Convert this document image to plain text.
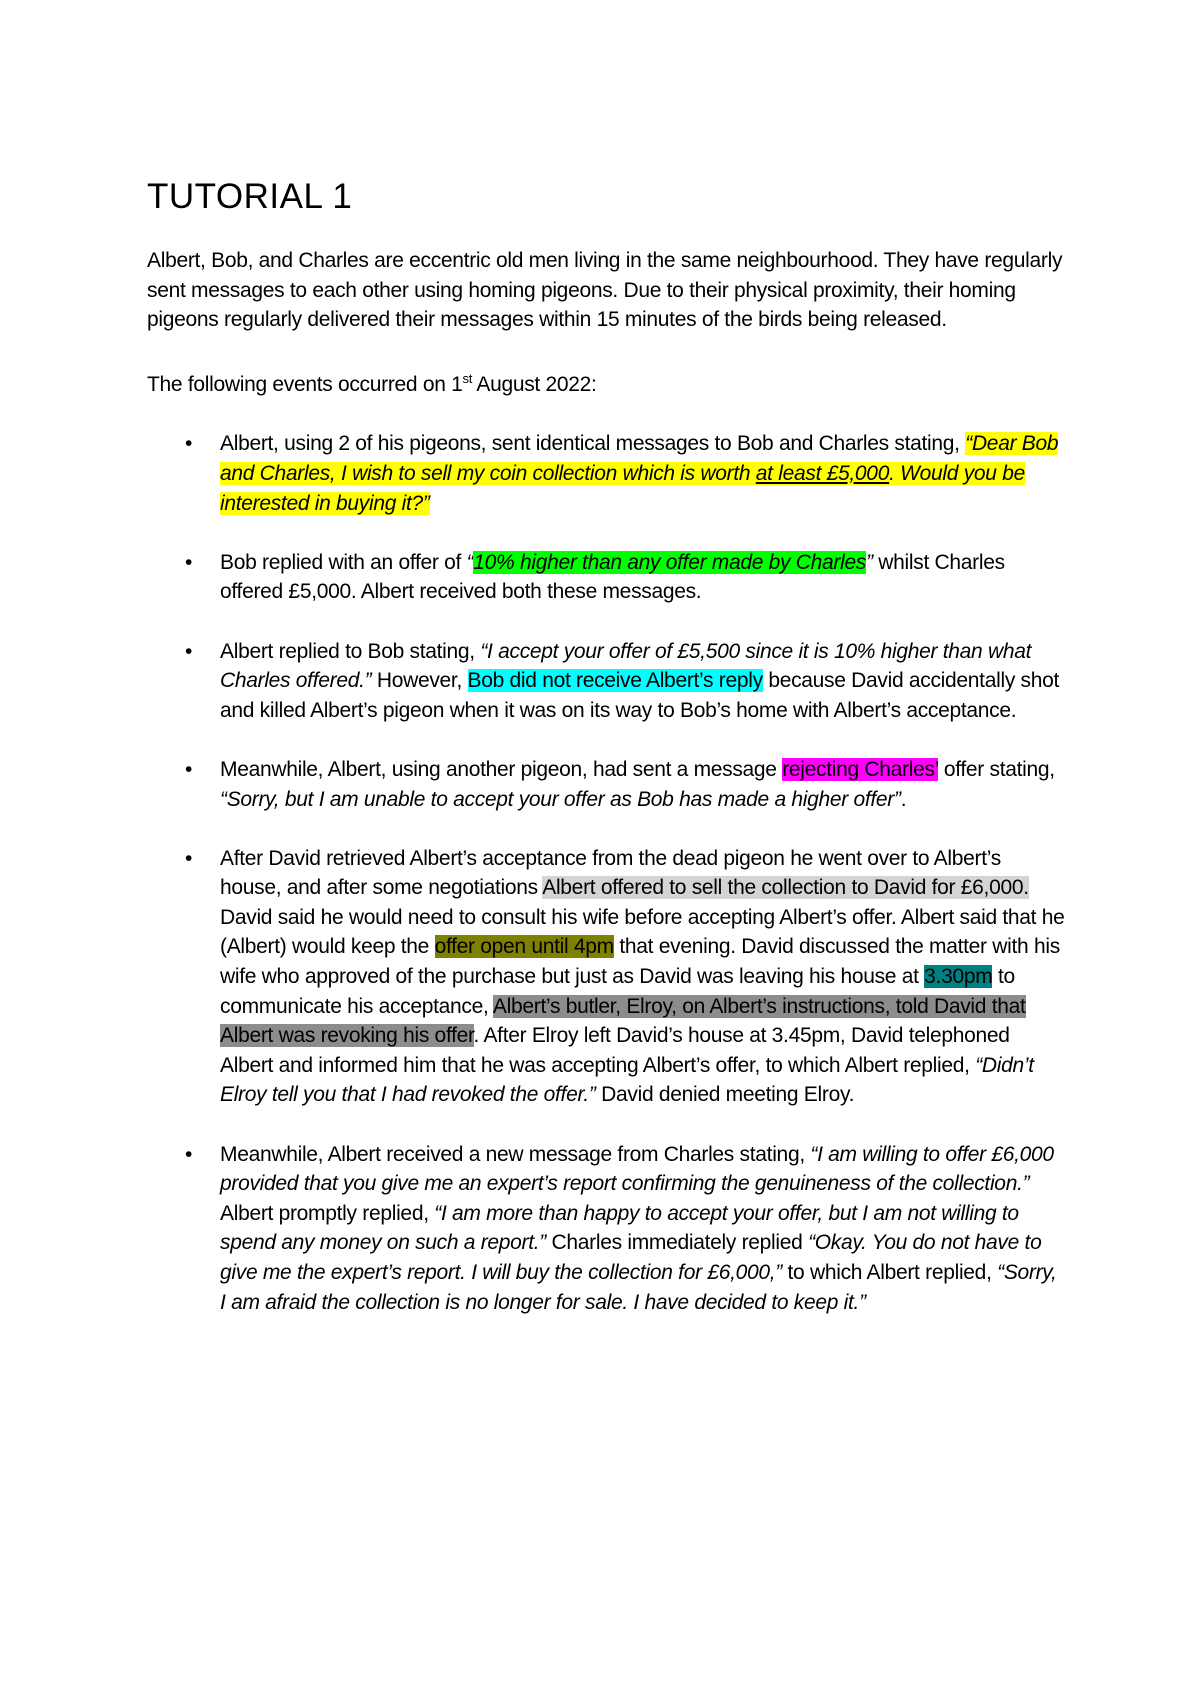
TUTORIAL 1

Albert, Bob, and Charles are eccentric old men living in the same neighbourhood. They have regularly sent messages to each other using homing pigeons. Due to their physical proximity, their homing pigeons regularly delivered their messages within 15 minutes of the birds being released.

The following events occurred on 1st August 2022:

• Albert, using 2 of his pigeons, sent identical messages to Bob and Charles stating, “Dear Bob and Charles, I wish to sell my coin collection which is worth at least £5,000. Would you be interested in buying it?”
• Bob replied with an offer of “10% higher than any offer made by Charles” whilst Charles offered £5,000. Albert received both these messages.
• Albert replied to Bob stating, “I accept your offer of £5,500 since it is 10% higher than what Charles offered.” However, Bob did not receive Albert’s reply because David accidentally shot and killed Albert’s pigeon when it was on its way to Bob’s home with Albert’s acceptance.
• Meanwhile, Albert, using another pigeon, had sent a message rejecting Charles’ offer stating, “Sorry, but I am unable to accept your offer as Bob has made a higher offer”.
• After David retrieved Albert’s acceptance from the dead pigeon he went over to Albert’s house, and after some negotiations Albert offered to sell the collection to David for £6,000. David said he would need to consult his wife before accepting Albert’s offer. Albert said that he (Albert) would keep the offer open until 4pm that evening. David discussed the matter with his wife who approved of the purchase but just as David was leaving his house at 3.30pm to communicate his acceptance, Albert’s butler, Elroy, on Albert’s instructions, told David that Albert was revoking his offer. After Elroy left David’s house at 3.45pm, David telephoned Albert and informed him that he was accepting Albert’s offer, to which Albert replied, “Didn’t Elroy tell you that I had revoked the offer.” David denied meeting Elroy.
• Meanwhile, Albert received a new message from Charles stating, “I am willing to offer £6,000 provided that you give me an expert’s report confirming the genuineness of the collection.” Albert promptly replied, “I am more than happy to accept your offer, but I am not willing to spend any money on such a report.” Charles immediately replied “Okay. You do not have to give me the expert’s report. I will buy the collection for £6,000,” to which Albert replied, “Sorry, I am afraid the collection is no longer for sale. I have decided to keep it.”
